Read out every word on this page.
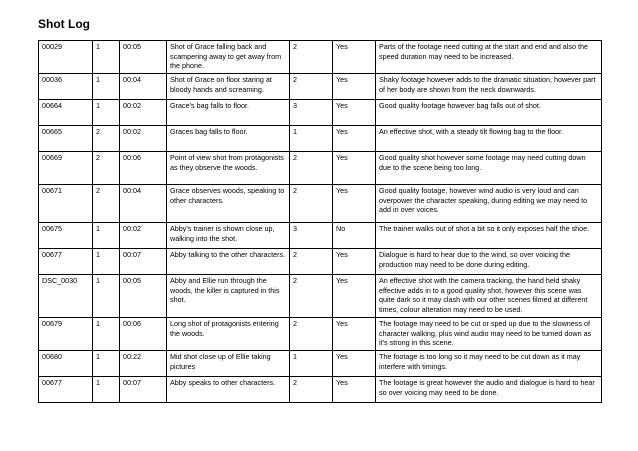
Shot Log
00029	1	00:05	Shot of Grace falling back and scampering away to get away from the phone.	2	Yes	Parts of the footage need cutting at the start and end and also the speed duration may need to be increased.
00036	1	00:04	Shot of Grace on floor staring at bloody hands and screaming.	2	Yes	Shaky footage however adds to the dramatic situation, however part of her body are shown from the neck downwards.
00664	1	00:02	Grace’s bag falls to floor.	3	Yes	Good quality footage however bag falls out of shot.
00665	2	00:02	Graces bag falls to floor.	1	Yes	An effective shot, with a steady tilt flowing bag to the floor.
00669	2	00:06	Point of view shot from protagonists as they observe the woods.	2	Yes	Good quality shot however some footage may need cutting down due to the scene being too long.
00671	2	00:04	Grace observes woods, speaking to other characters.	2	Yes	Good quality footage, however wind audio is very loud and can overpower the character speaking, during editing we may need to add in over voices.
00675	1	00:02	Abby’s trainer is shown close up, walking into the shot.	3	No	The trainer walks out of shot a bit so it only exposes half the shoe.
00677	1	00:07	Abby talking to the other characters.	2	Yes	Dialogue is hard to hear due to the wind, so over voicing the production may need to be done during editing.
DSC_0030	1	00:05	Abby and Ellie run through the woods, the killer is captured in this shot.	2	Yes	An effective shot with the camera tracking, the hand held shaky effective adds in to a good quality shot, however this scene was quite dark so it may clash with our other scenes filmed at different times, colour alteration may need to be used.
00679	1	00:06	Long shot of protagonists entering the woods.	2	Yes	The footage may need to be cut or sped up due to the slowness of character walking, plus wind audio may need to be turned down as it’s strong in this scene.
00680	1	00:22	Mid shot close up of Ellie taking pictures	1	Yes	The footage is too long so it may need to be cut down as it may interfere with timings.
00677	1	00:07	Abby speaks to other characters.	2	Yes	The footage is great however the audio and dialogue is hard to hear so over voicing may need to be done.
